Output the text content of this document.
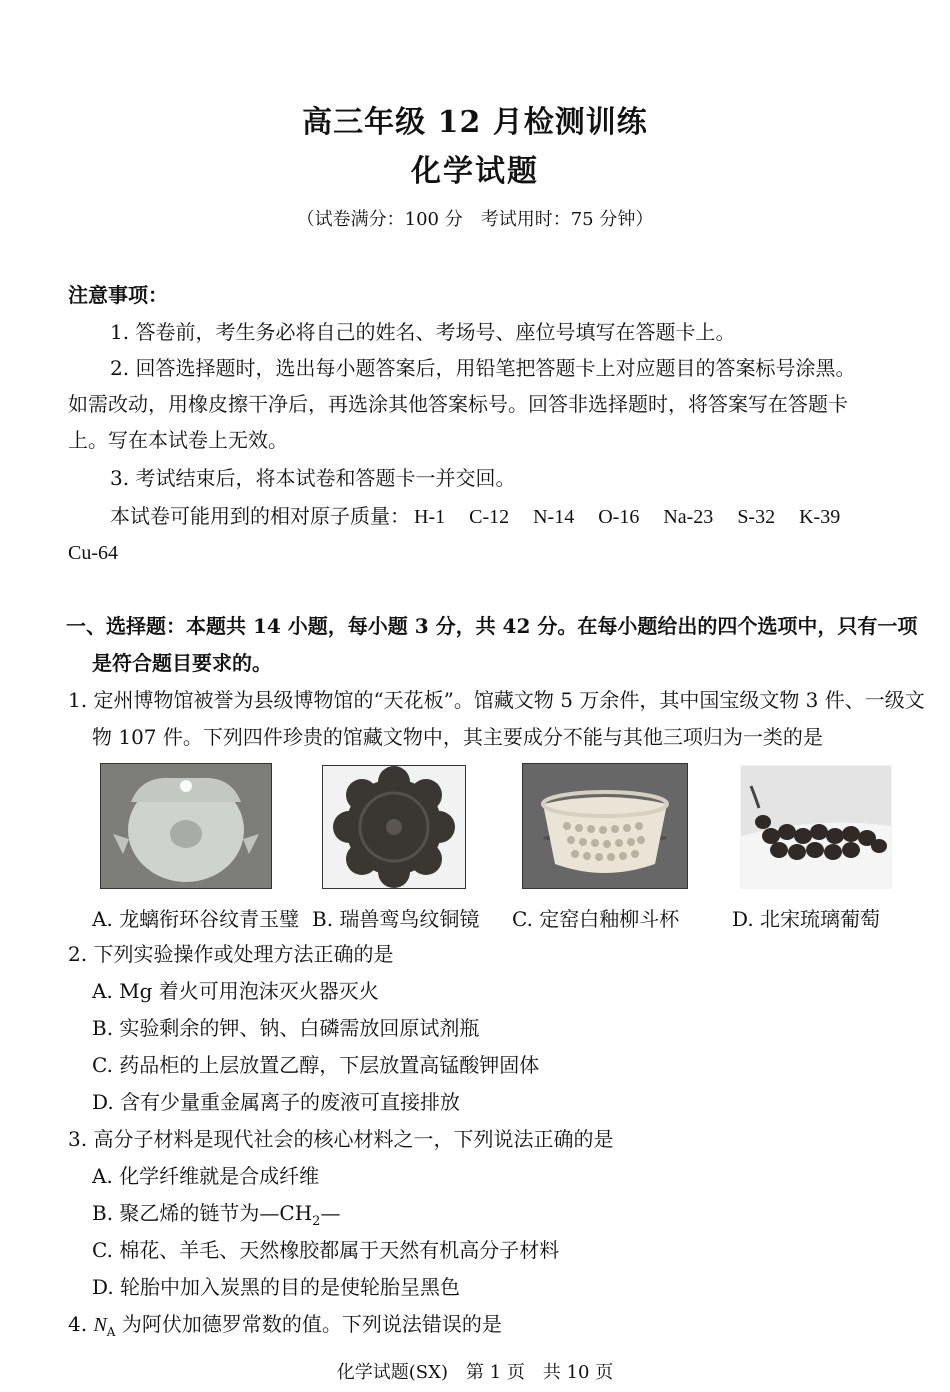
高三年级 12 月检测训练
化学试题
（试卷满分：100 分　考试用时：75 分钟）
注意事项：
1. 答卷前，考生务必将自己的姓名、考场号、座位号填写在答题卡上。
2. 回答选择题时，选出每小题答案后，用铅笔把答题卡上对应题目的答案标号涂黑。
如需改动，用橡皮擦干净后，再选涂其他答案标号。回答非选择题时，将答案写在答题卡
上。写在本试卷上无效。
3. 考试结束后，将本试卷和答题卡一并交回。
本试卷可能用到的相对原子质量： H-1 C-12 N-14 O-16 Na-23 S-32 K-39
Cu-64
一、选择题：本题共 14 小题，每小题 3 分，共 42 分。在每小题给出的四个选项中，只有一项
是符合题目要求的。
1. 定州博物馆被誉为县级博物馆的“天花板”。馆藏文物 5 万余件，其中国宝级文物 3 件、一级文
物 107 件。下列四件珍贵的馆藏文物中，其主要成分不能与其他三项归为一类的是
A. 龙螭衔环谷纹青玉璧 B. 瑞兽鸾鸟纹铜镜 C. 定窑白釉柳斗杯	D. 北宋琉璃葡萄
2. 下列实验操作或处理方法正确的是
A. Mg 着火可用泡沫灭火器灭火
B. 实验剩余的钾、钠、白磷需放回原试剂瓶
C. 药品柜的上层放置乙醇，下层放置高锰酸钾固体
D. 含有少量重金属离子的废液可直接排放
3. 高分子材料是现代社会的核心材料之一，下列说法正确的是
A. 化学纤维就是合成纤维
B. 聚乙烯的链节为$—CH_2—$
C. 棉花、羊毛、天然橡胶都属于天然有机高分子材料
D. 轮胎中加入炭黑的目的是使轮胎呈黑色
4. $N_A$ 为阿伏加德罗常数的值。下列说法错误的是
化学试题(SX)　第 1 页　共 10 页
